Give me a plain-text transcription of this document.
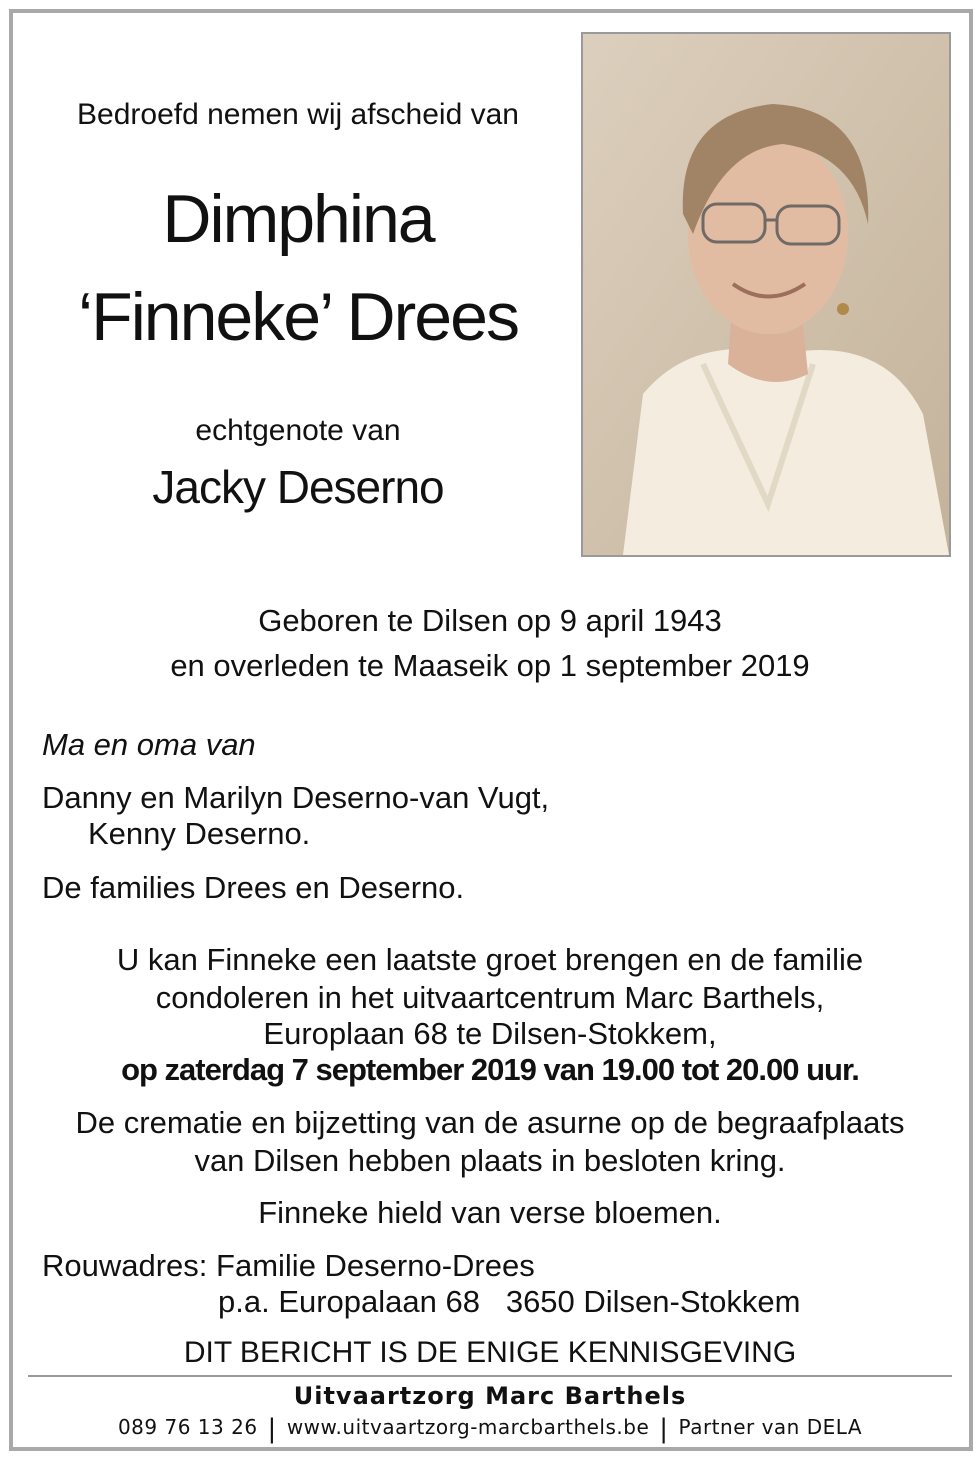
Bedroefd nemen wij afscheid van
Dimphina
‘Finneke’ Drees
echtgenote van
Jacky Deserno
Geboren te Dilsen op 9 april 1943
en overleden te Maaseik op 1 september 2019
Ma en oma van
Danny en Marilyn Deserno-van Vugt,
Kenny Deserno.
De families Drees en Deserno.
U kan Finneke een laatste groet brengen en de familie
condoleren in het uitvaartcentrum Marc Barthels,
Europlaan 68 te Dilsen-Stokkem,
op zaterdag 7 september 2019 van 19.00 tot 20.00 uur.
De crematie en bijzetting van de asurne op de begraafplaats
van Dilsen hebben plaats in besloten kring.
Finneke hield van verse bloemen.
Rouwadres: Familie Deserno-Drees
p.a. Europalaan 68   3650 Dilsen-Stokkem
DIT BERICHT IS DE ENIGE KENNISGEVING
Uitvaartzorg Marc Barthels
089 76 13 26 | www.uitvaartzorg-marcbarthels.be | Partner van DELA
